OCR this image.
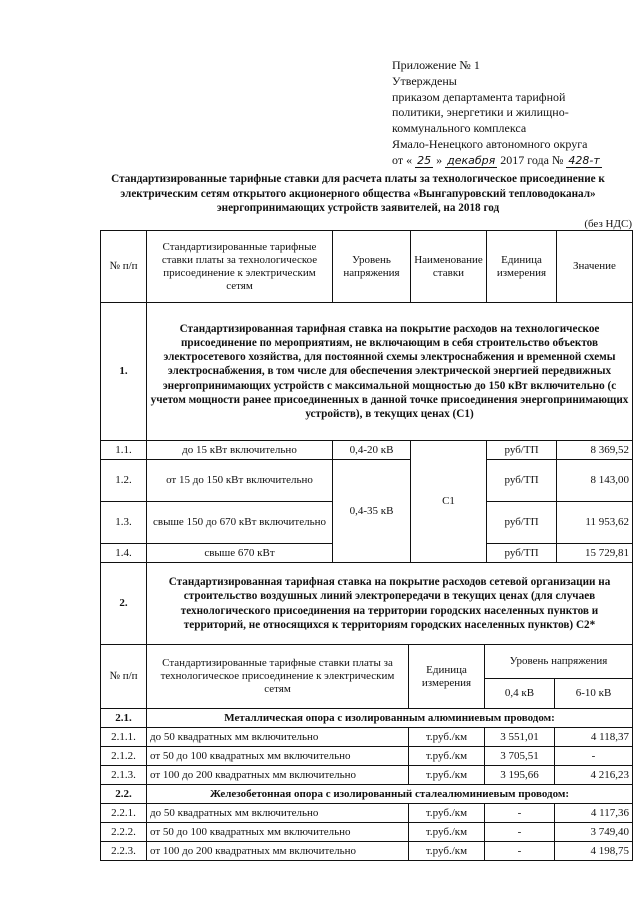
Приложение № 1
Утверждены
приказом департамента тарифной
политики, энергетики и жилищно-
коммунального комплекса
Ямало-Ненецкого автономного округа
от « 25 » декабря 2017 года № 428-т
Стандартизированные тарифные ставки для расчета платы за технологическое присоединение к электрическим сетям открытого акционерного общества «Вынгапуровский тепловодоканал» энергопринимающих устройств заявителей, на 2018 год
(без НДС)
№ п/п	Стандартизированные тарифные ставки платы за технологическое присоединение к электрическим сетям	Уровень напряжения	Наименование ставки	Единица измерения	Значение
1.	Стандартизированная тарифная ставка на покрытие расходов на технологическое присоединение по мероприятиям, не включающим в себя строительство объектов электросетевого хозяйства, для постоянной схемы электроснабжения и временной схемы электроснабжения, в том числе для обеспечения электрической энергией передвижных энергопринимающих устройств с максимальной мощностью до 150 кВт включительно (с учетом мощности ранее присоединенных в данной точке присоединения энергопринимающих устройств), в текущих ценах (С1)				
1.1.	до 15 кВт включительно	0,4-20 кВ	С1	руб/ТП	8 369,52
1.2.	от 15 до 150 кВт включительно	0,4-35 кВ		руб/ТП	8 143,00
1.3.	свыше 150 до 670 кВт включительно			руб/ТП	11 953,62
1.4.	свыше 670 кВт			руб/ТП	15 729,81
2.	Стандартизированная тарифная ставка на покрытие расходов сетевой организации на строительство воздушных линий электропередачи в текущих ценах (для случаев технологического присоединения на территории городских населенных пунктов и территорий, не относящихся к территориям городских населенных пунктов) С2*				
№ п/п	Стандартизированные тарифные ставки платы за технологическое присоединение к электрическим сетям	Единица измерения	Уровень напряжения	
			0,4 кВ	6-10 кВ
2.1.	Металлическая опора с изолированным алюминиевым проводом:			
2.1.1.	до 50 квадратных мм включительно	т.руб./км	3 551,01	4 118,37
2.1.2.	от 50 до 100 квадратных мм включительно	т.руб./км	3 705,51	-
2.1.3.	от 100 до 200 квадратных мм включительно	т.руб./км	3 195,66	4 216,23
2.2.	Железобетонная опора с изолированный сталеалюминиевым проводом:			
2.2.1.	до 50 квадратных мм включительно	т.руб./км	-	4 117,36
2.2.2.	от 50 до 100 квадратных мм включительно	т.руб./км	-	3 749,40
2.2.3.	от 100 до 200 квадратных мм включительно	т.руб./км	-	4 198,75
